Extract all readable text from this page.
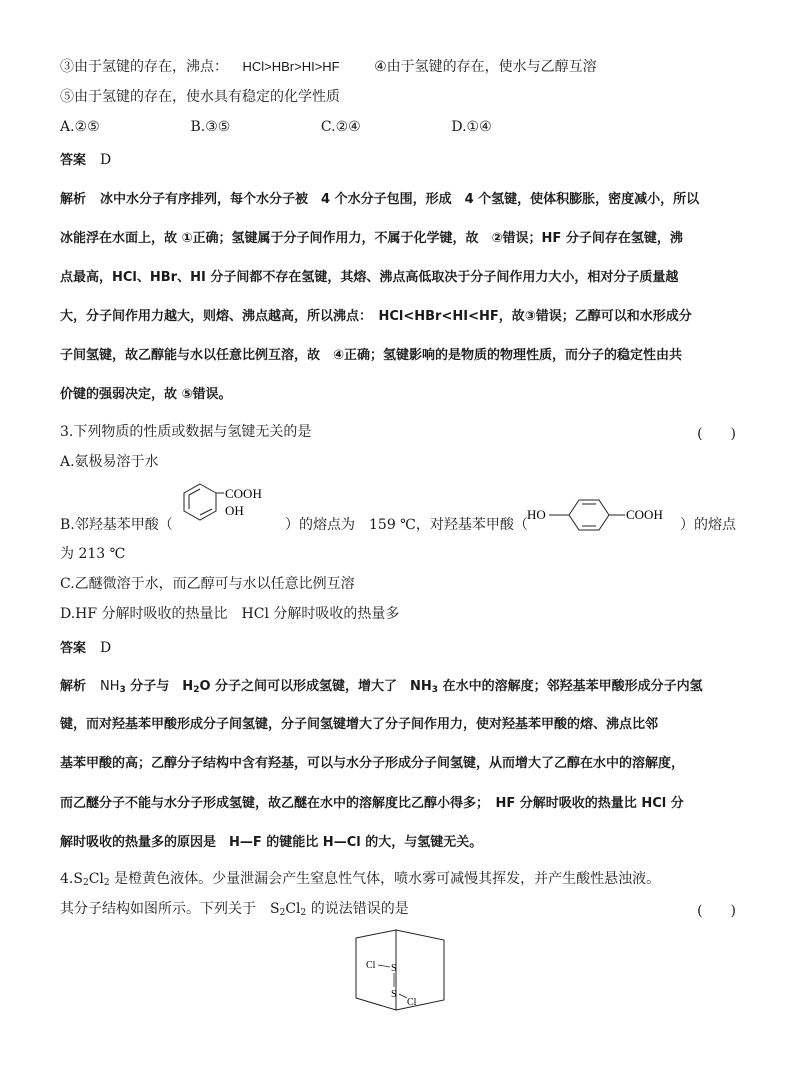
③由于氢键的存在，沸点： HCl>HBr>HI>HF ④由于氢键的存在，使水与乙醇互溶
⑤由于氢键的存在，使水具有稳定的化学性质
A.②⑤	B.③⑤	C.②④	D.①④
答案 D
解析 冰中水分子有序排列，每个水分子被　4 个水分子包围，形成　4 个氢键，使体积膨胀，密度减小，所以
冰能浮在水面上，故 ①正确；氢键属于分子间作用力，不属于化学键，故　②错误；HF 分子间存在氢键，沸
点最高，HCl、HBr、HI 分子间都不存在氢键，其熔、沸点高低取决于分子间作用力大小，相对分子质量越
大，分子间作用力越大，则熔、沸点越高，所以沸点：　HCl<HBr<HI<HF，故③错误；乙醇可以和水形成分
子间氢键，故乙醇能与水以任意比例互溶，故　④正确；氢键影响的是物质的物理性质，而分子的稳定性由共
价键的强弱决定，故 ⑤错误。
3.下列物质的性质或数据与氢键无关的是	(　　)
A.氨极易溶于水
B.邻羟基苯甲酸（
COOH
OH
）的熔点为　159 ℃，对羟基苯甲酸（
HO	COOH
）的熔点
为 213 ℃
C.乙醚微溶于水，而乙醇可与水以任意比例互溶
D.HF 分解时吸收的热量比　HCl 分解时吸收的热量多
答案 D
解析 $NH_3$ 分子与　$H_2O$ 分子之间可以形成氢键，增大了　$NH_3$ 在水中的溶解度；邻羟基苯甲酸形成分子内氢
键，而对羟基苯甲酸形成分子间氢键，分子间氢键增大了分子间作用力，使对羟基苯甲酸的熔、沸点比邻
基苯甲酸的高；乙醇分子结构中含有羟基，可以与水分子形成分子间氢键，从而增大了乙醇在水中的溶解度，
而乙醚分子不能与水分子形成氢键，故乙醚在水中的溶解度比乙醇小得多；　HF 分解时吸收的热量比 HCl 分
解时吸收的热量多的原因是　H—F 的键能比 H—Cl 的大，与氢键无关。
$4.S_2Cl_2$ 是橙黄色液体。少量泄漏会产生窒息性气体，喷水雾可减慢其挥发，并产生酸性悬浊液。
其分子结构如图所示。下列关于　$S_2Cl_2$ 的说法错误的是	(　　)
Cl S
S
Cl
